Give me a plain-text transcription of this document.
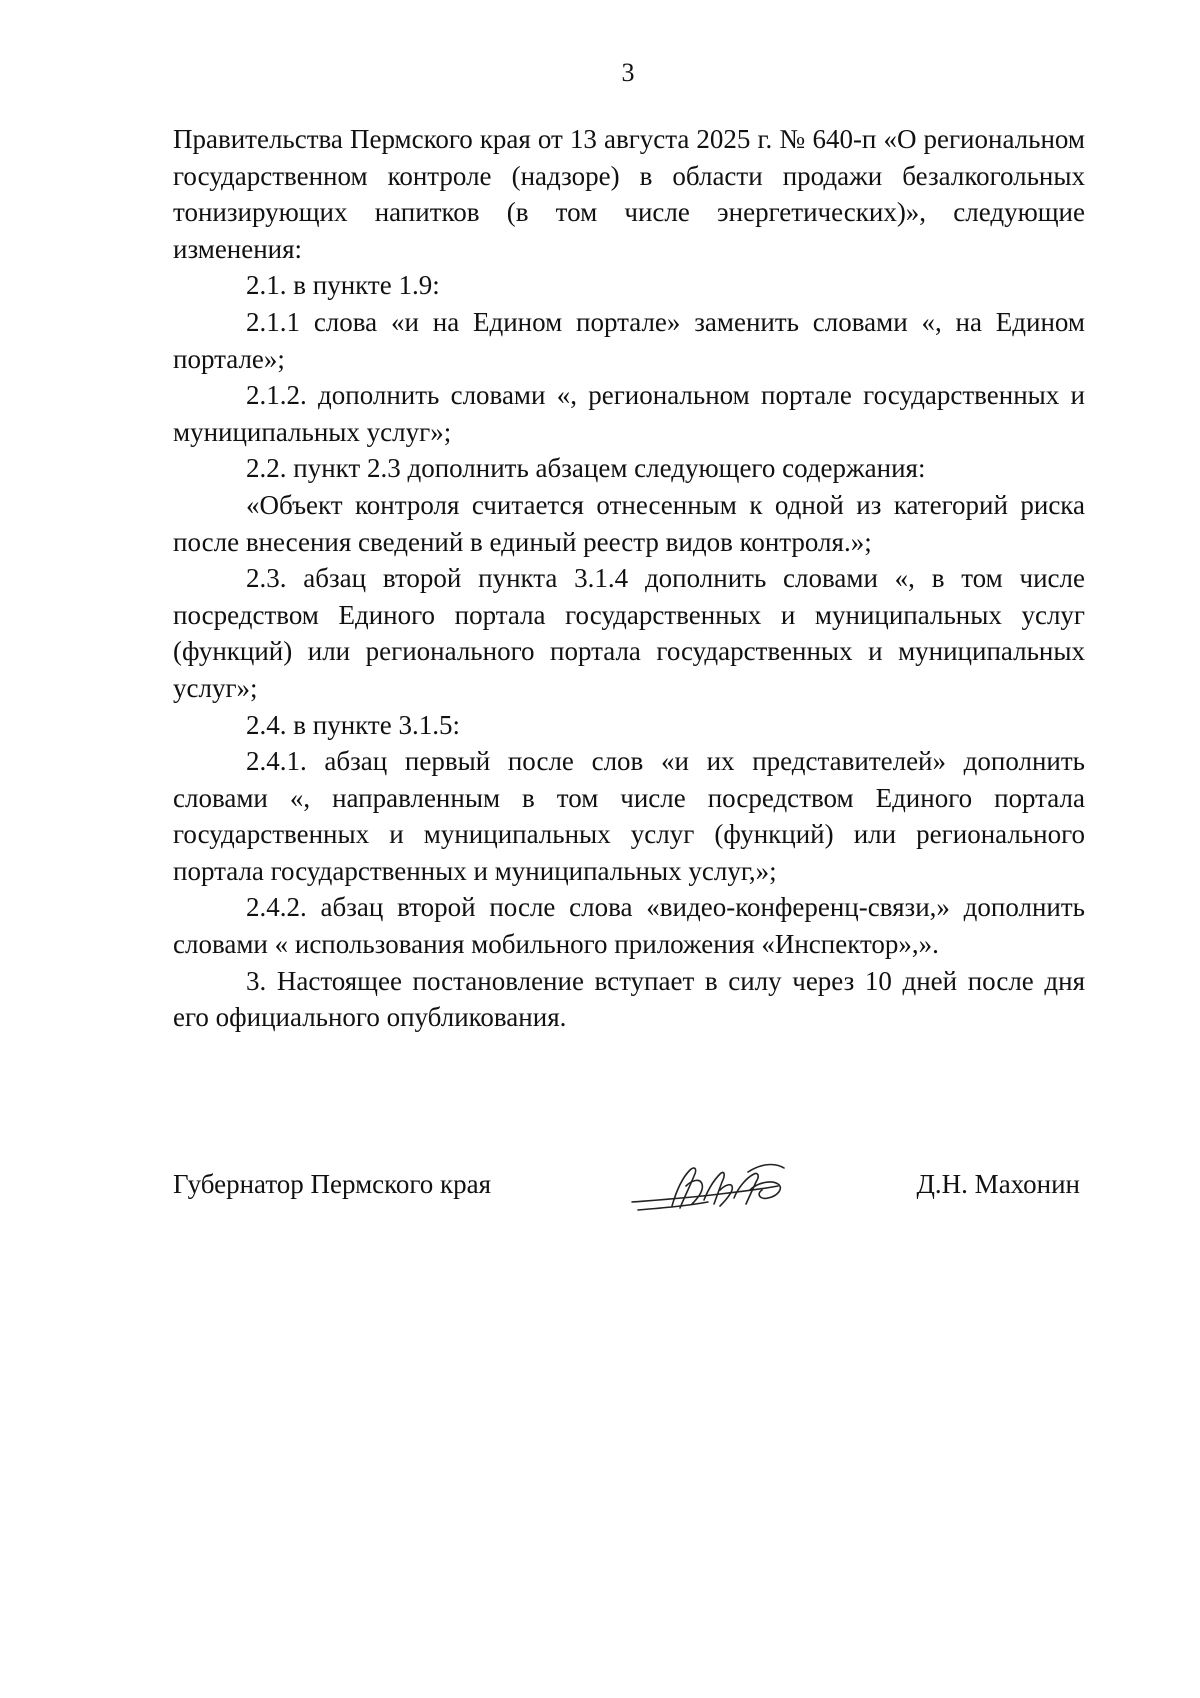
3

Правительства Пермского края от 13 августа 2025 г. № 640-п «О региональном государственном контроле (надзоре) в области продажи безалкогольных тонизирующих напитков (в том числе энергетических)», следующие изменения:

2.1. в пункте 1.9:

2.1.1 слова «и на Едином портале» заменить словами «, на Едином портале»;

2.1.2. дополнить словами «, региональном портале государственных и муниципальных услуг»;

2.2. пункт 2.3 дополнить абзацем следующего содержания:

«Объект контроля считается отнесенным к одной из категорий риска после внесения сведений в единый реестр видов контроля.»;

2.3. абзац второй пункта 3.1.4 дополнить словами «, в том числе посредством Единого портала государственных и муниципальных услуг (функций) или регионального портала государственных и муниципальных услуг»;

2.4. в пункте 3.1.5:

2.4.1. абзац первый после слов «и их представителей» дополнить словами «, направленным в том числе посредством Единого портала государственных и муниципальных услуг (функций) или регионального портала государственных и муниципальных услуг,»;

2.4.2. абзац второй после слова «видео-конференц-связи,» дополнить словами « использования мобильного приложения «Инспектор»,».

3. Настоящее постановление вступает в силу через 10 дней после дня его официального опубликования.

Губернатор Пермского края	Д.Н. Махонин
